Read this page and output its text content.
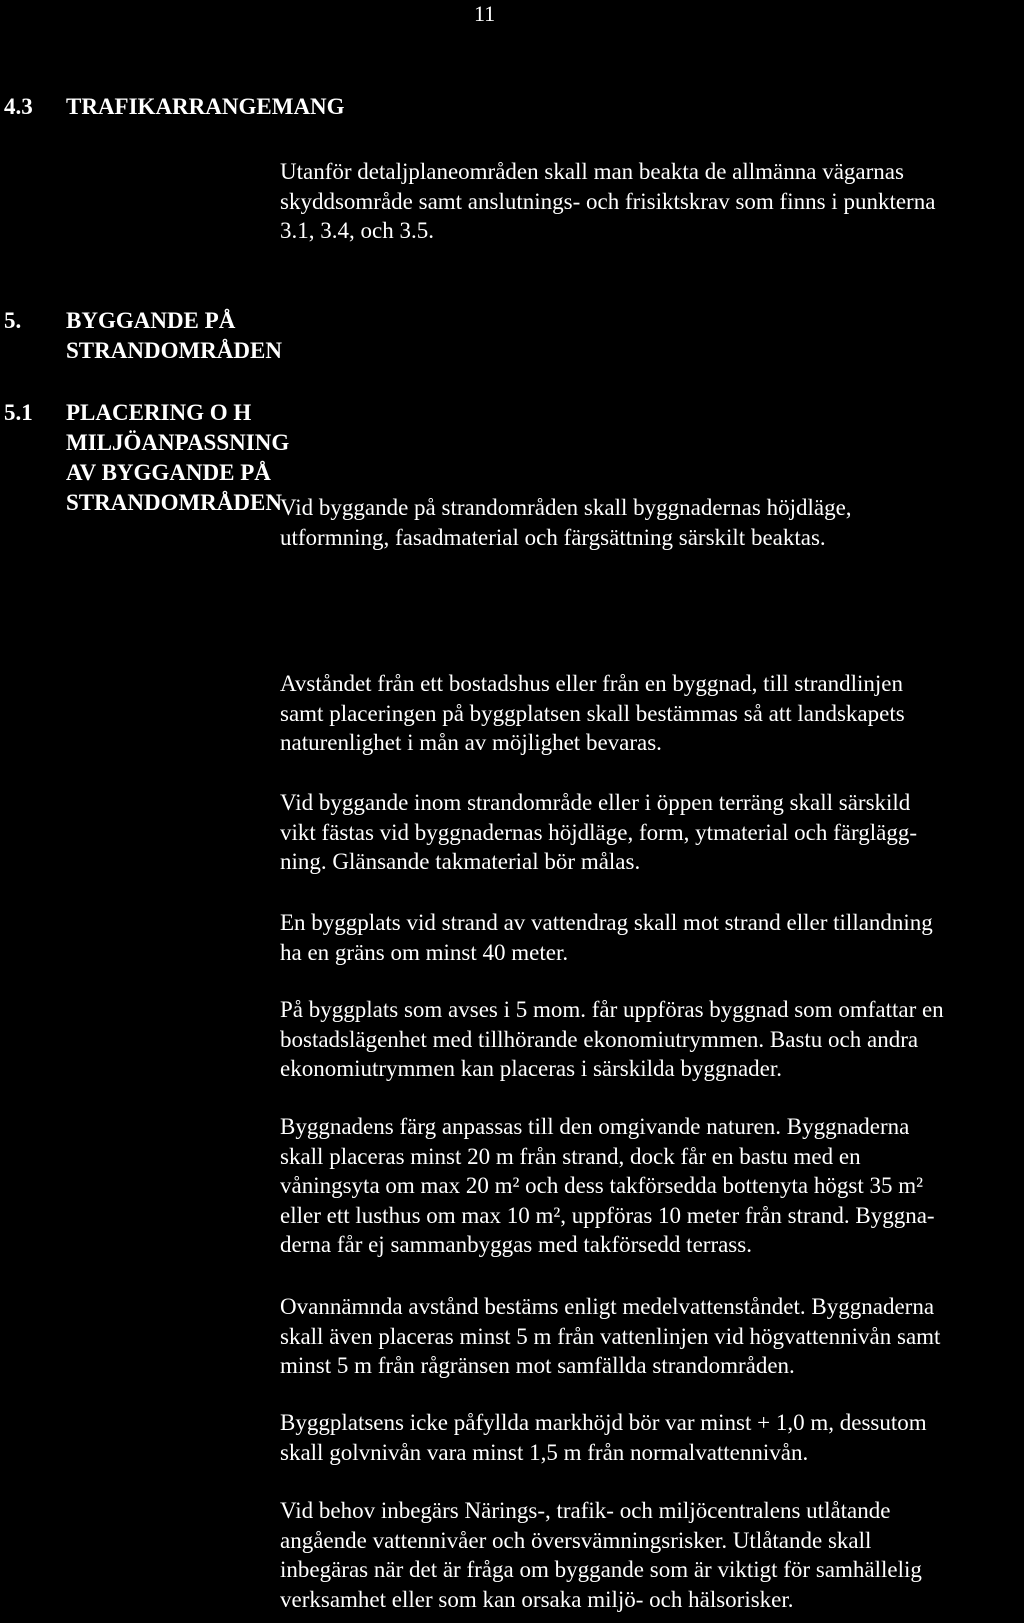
11
4.3 TRAFIKARRANGEMANG
Utanför detaljplaneområden skall man beakta de allmänna vägarnas
skyddsområde samt anslutnings- och frisiktskrav som finns i punkterna
3.1, 3.4, och 3.5.
5. BYGGANDE PÅ STRANDOMRÅDEN
5.1 PLACERING O H MILJÖANPASSNING AV BYGGANDE PÅ
STRANDOMRÅDEN
Vid byggande på strandområden skall byggnadernas höjdläge,
utformning, fasadmaterial och färgsättning särskilt beaktas.
Avståndet från ett bostadshus eller från en byggnad, till strandlinjen
samt placeringen på byggplatsen skall bestämmas så att landskapets
naturenlighet i mån av möjlighet bevaras.
Vid byggande inom strandområde eller i öppen terräng skall särskild
vikt fästas vid byggnadernas höjdläge, form, ytmaterial och färglägg-
ning. Glänsande takmaterial bör målas.
En byggplats vid strand av vattendrag skall mot strand eller tillandning
ha en gräns om minst 40 meter.
På byggplats som avses i 5 mom. får uppföras byggnad som omfattar en
bostadslägenhet med tillhörande ekonomiutrymmen. Bastu och andra
ekonomiutrymmen kan placeras i särskilda byggnader.
Byggnadens färg anpassas till den omgivande naturen. Byggnaderna
skall placeras minst 20 m från strand, dock får en bastu med en
våningsyta om max 20 m² och dess takförsedda bottenyta högst 35 m²
eller ett lusthus om max 10 m², uppföras 10 meter från strand. Byggna-
derna får ej sammanbyggas med takförsedd terrass.
Ovannämnda avstånd bestäms enligt medelvattenståndet. Byggnaderna
skall även placeras minst 5 m från vattenlinjen vid högvattennivån samt
minst 5 m från rågränsen mot samfällda strandområden.
Byggplatsens icke påfyllda markhöjd bör var minst + 1,0 m, dessutom
skall golvnivån vara minst 1,5 m från normalvattennivån.
Vid behov inbegärs Närings-, trafik- och miljöcentralens utlåtande
angående vattennivåer och översvämningsrisker. Utlåtande skall
inbegäras när det är fråga om byggande som är viktigt för samhällelig
verksamhet eller som kan orsaka miljö- och hälsorisker.
